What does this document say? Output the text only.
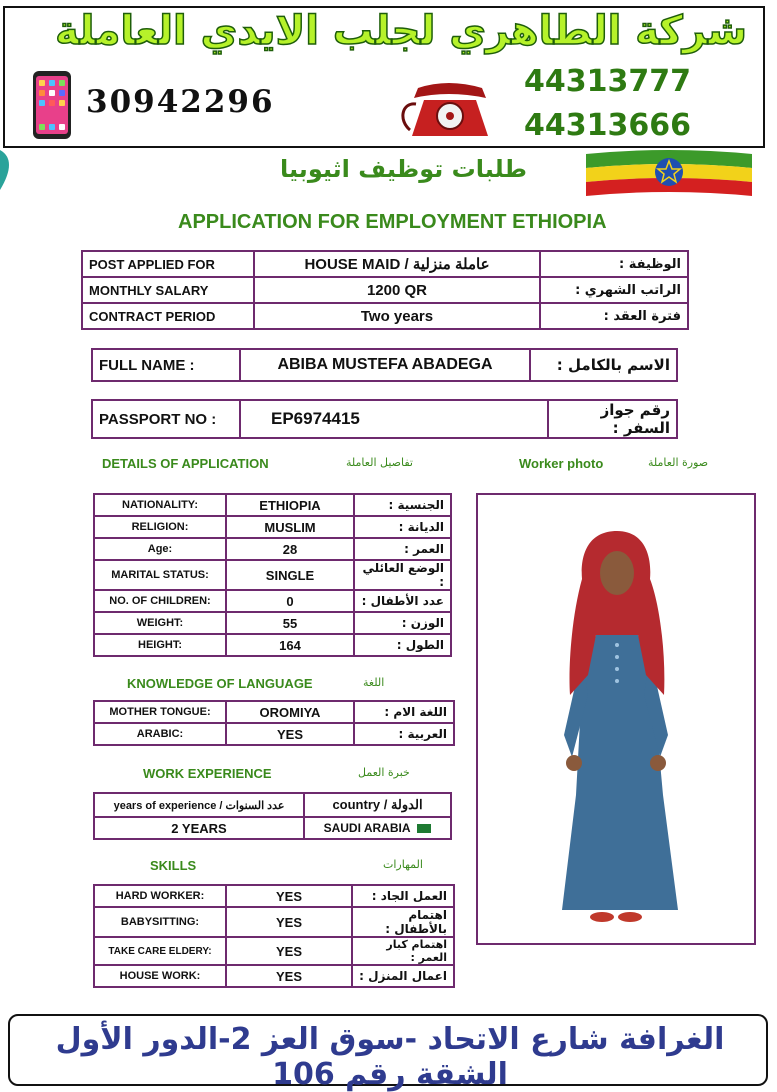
شركة الطاهري لجلب الايدي العاملة
30942296
44313777
44313666
طلبات توظيف اثيوبيا
APPLICATION FOR EMPLOYMENT ETHIOPIA
POST APPLIED FOR	HOUSE MAID / عاملة منزلية	الوظيفة :
MONTHLY SALARY	1200 QR	الراتب الشهري :
CONTRACT PERIOD	Two years	فترة العقد :
FULL NAME :	ABIBA MUSTEFA ABADEGA	الاسم بالكامل :
PASSPORT NO :	EP6974415	رقم جواز السفر :
DETAILS OF APPLICATION	تفاصيل العاملة	Worker photo	صورة العاملة
NATIONALITY:	ETHIOPIA	الجنسية :
RELIGION:	MUSLIM	الديانة :
Age:	28	العمر :
MARITAL STATUS:	SINGLE	الوضع العائلي :
NO. OF CHILDREN:	0	عدد الأطفال :
WEIGHT:	55	الوزن :
HEIGHT:	164	الطول :
KNOWLEDGE OF LANGUAGE	اللغة
MOTHER TONGUE:	OROMIYA	اللغة الام :
ARABIC:	YES	العربية :
WORK EXPERIENCE	خبرة العمل
years of experience / عدد السنوات	country / الدولة
2 YEARS	SAUDI ARABIA
SKILLS	المهارات
HARD WORKER:	YES	العمل الجاد :
BABYSITTING:	YES	اهتمام بالأطفال :
TAKE CARE ELDERY:	YES	اهتمام كبار العمر :
HOUSE WORK:	YES	اعمال المنزل :
الغرافة شارع الاتحاد -سوق العز 2-الدور الأول الشقة رقم 106
